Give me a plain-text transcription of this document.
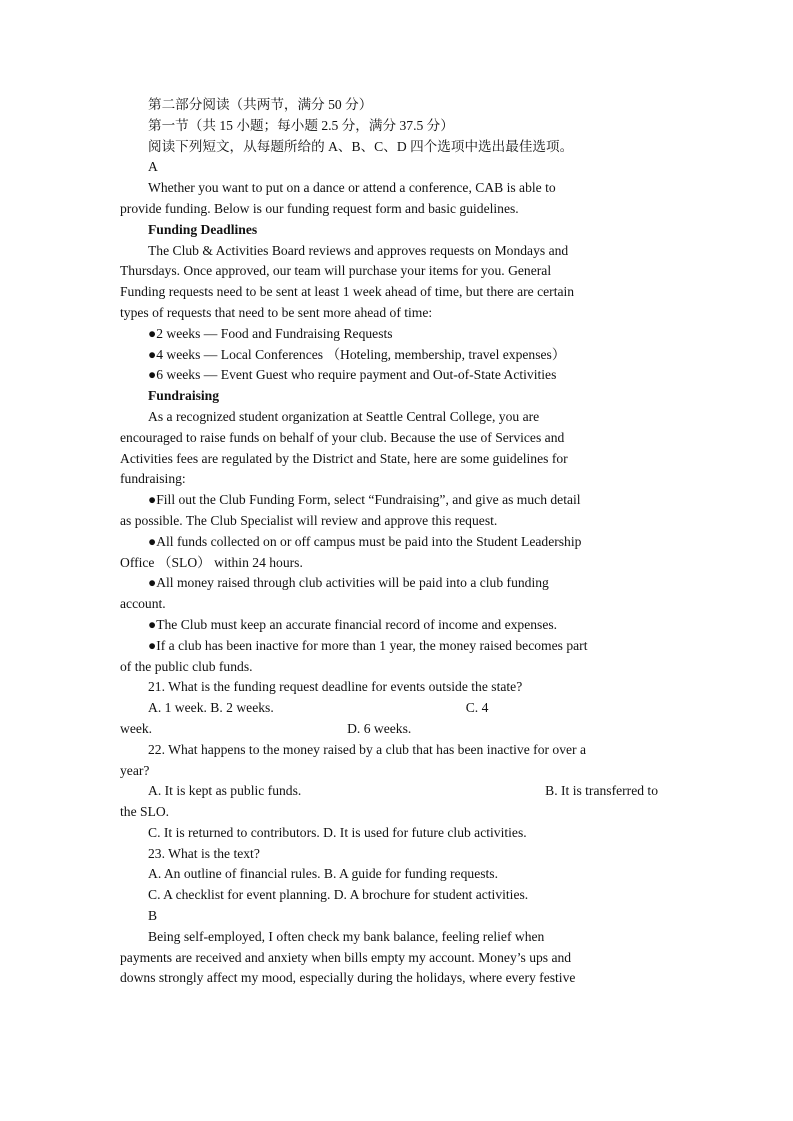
第二部分阅读（共两节，满分 50 分）
第一节（共 15 小题；每小题 2.5 分，满分 37.5 分）
阅读下列短文，从每题所给的 A、B、C、D 四个选项中选出最佳选项。
A
Whether you want to put on a dance or attend a conference, CAB is able to
provide funding. Below is our funding request form and basic guidelines.
Funding Deadlines
The Club & Activities Board reviews and approves requests on Mondays and
Thursdays. Once approved, our team will purchase your items for you. General
Funding requests need to be sent at least 1 week ahead of time, but there are certain
types of requests that need to be sent more ahead of time:
●2 weeks — Food and Fundraising Requests
●4 weeks — Local Conferences （Hoteling, membership, travel expenses）
●6 weeks — Event Guest who require payment and Out-of-State Activities
Fundraising
As a recognized student organization at Seattle Central College, you are
encouraged to raise funds on behalf of your club. Because the use of Services and
Activities fees are regulated by the District and State, here are some guidelines for
fundraising:
●Fill out the Club Funding Form, select “Fundraising”, and give as much detail
as possible. The Club Specialist will review and approve this request.
●All funds collected on or off campus must be paid into the Student Leadership
Office （SLO） within 24 hours.
●All money raised through club activities will be paid into a club funding
account.
●The Club must keep an accurate financial record of income and expenses.
●If a club has been inactive for more than 1 year, the money raised becomes part
of the public club funds.
21. What is the funding request deadline for events outside the state?
A. 1 week. B. 2 weeks.	C. 4
week.	D. 6 weeks.
22. What happens to the money raised by a club that has been inactive for over a
year?
A. It is kept as public funds.	B. It is transferred to
the SLO.
C. It is returned to contributors. D. It is used for future club activities.
23. What is the text?
A. An outline of financial rules. B. A guide for funding requests.
C. A checklist for event planning. D. A brochure for student activities.
B
Being self-employed, I often check my bank balance, feeling relief when
payments are received and anxiety when bills empty my account. Money’s ups and
downs strongly affect my mood, especially during the holidays, where every festive
